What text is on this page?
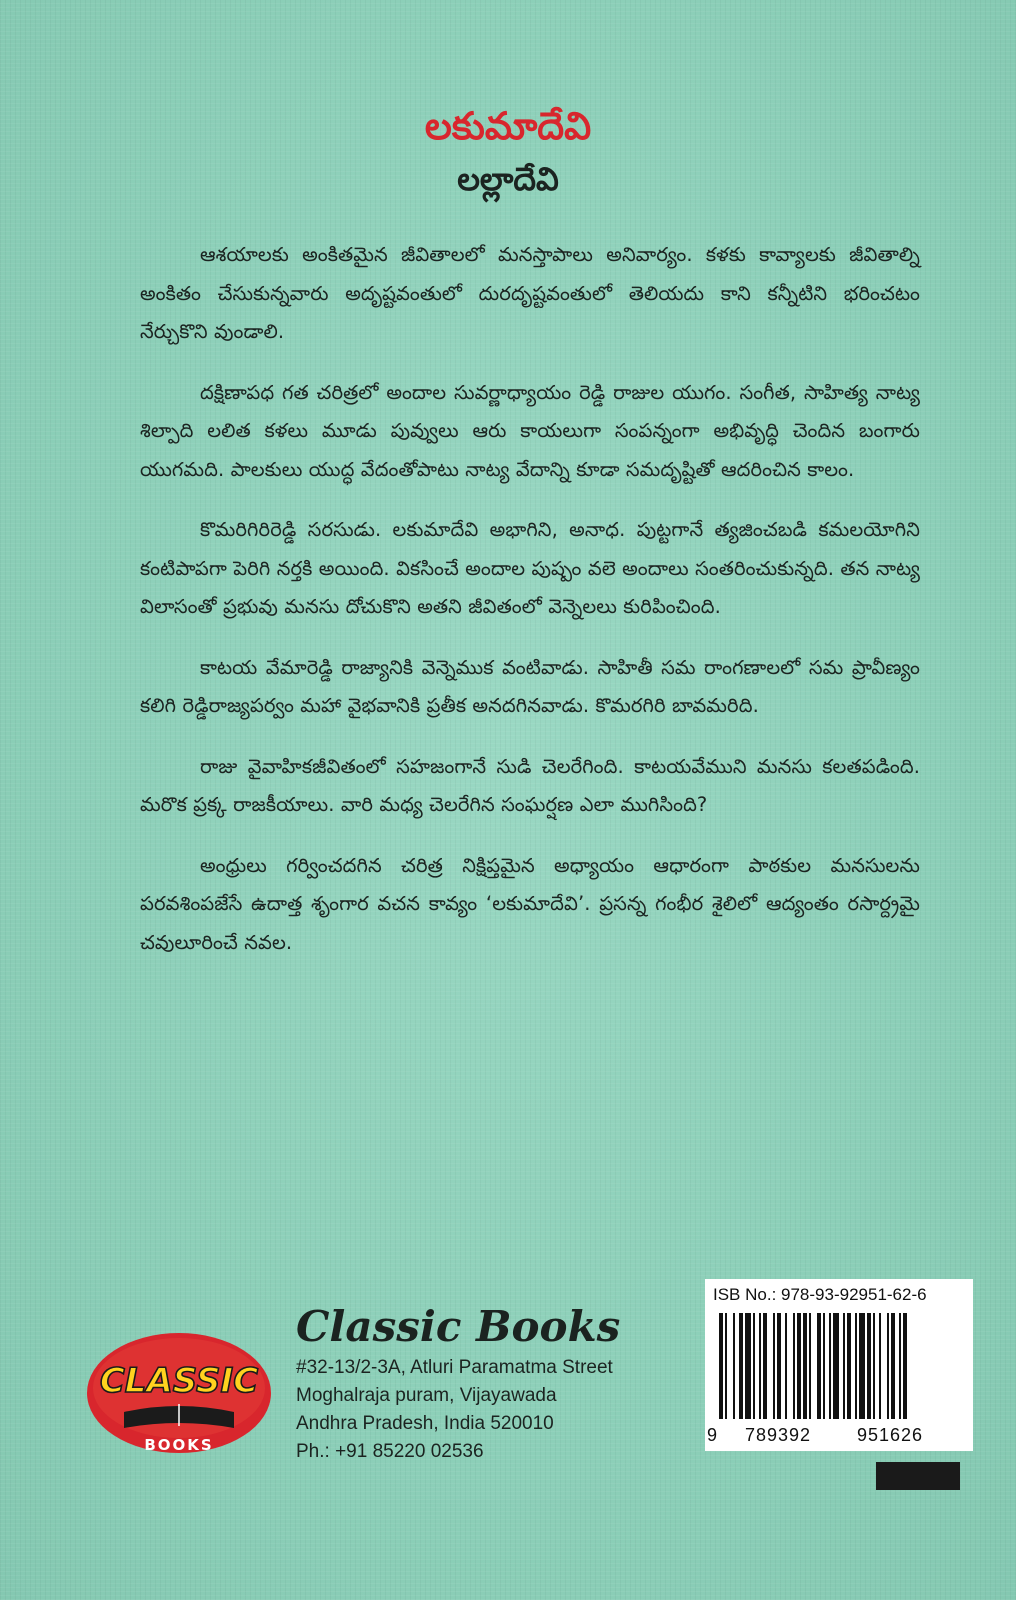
లకుమాదేవి
లల్లాదేవి

ఆశయాలకు అంకితమైన జీవితాలలో మనస్తాపాలు అనివార్యం. కళకు కావ్యాలకు జీవితాల్ని అంకితం చేసుకున్నవారు అదృష్టవంతులో దురదృష్టవంతులో తెలియదు కాని కన్నీటిని భరించటం నేర్చుకొని వుండాలి.

దక్షిణాపధ గత చరిత్రలో అందాల సువర్ణాధ్యాయం రెడ్డి రాజుల యుగం. సంగీత, సాహిత్య నాట్య శిల్పాది లలిత కళలు మూడు పువ్వులు ఆరు కాయలుగా సంపన్నంగా అభివృద్ధి చెందిన బంగారు యుగమది. పాలకులు యుద్ధ వేదంతోపాటు నాట్య వేదాన్ని కూడా సమదృష్టితో ఆదరించిన కాలం.

కొమరిగిరిరెడ్డి సరసుడు. లకుమాదేవి అభాగిని, అనాధ. పుట్టగానే త్యజించబడి కమలయోగిని కంటిపాపగా పెరిగి నర్తకి అయింది. వికసించే అందాల పుష్పం వలె అందాలు సంతరించుకున్నది. తన నాట్య విలాసంతో ప్రభువు మనసు దోచుకొని అతని జీవితంలో వెన్నెలలు కురిపించింది.

కాటయ వేమారెడ్డి రాజ్యానికి వెన్నెముక వంటివాడు. సాహితీ సమ రాంగణాలలో సమ ప్రావీణ్యం కలిగి రెడ్డిరాజ్యపర్వం మహా వైభవానికి ప్రతీక అనదగినవాడు. కొమరగిరి బావమరిది.

రాజు వైవాహికజీవితంలో సహజంగానే సుడి చెలరేగింది. కాటయవేముని మనసు కలతపడింది. మరొక ప్రక్క రాజకీయాలు. వారి మధ్య చెలరేగిన సంఘర్షణ ఎలా ముగిసింది?

అంధ్రులు గర్వించదగిన చరిత్ర నిక్షిప్తమైన అధ్యాయం ఆధారంగా పాఠకుల మనసులను పరవశింపజేసే ఉదాత్త శృంగార వచన కావ్యం ‘లకుమాదేవి’. ప్రసన్న గంభీర శైలిలో ఆద్యంతం రసార్ద్రమై చవులూరించే నవల.

CLASSIC
BOOKS

Classic Books

#32-13/2-3A, Atluri Paramatma Street

Moghalraja puram, Vijayawada

Andhra Pradesh, India 520010

Ph.: +91 85220 02536

ISB No.: 978-93-92951-62-6
9 789392	951626
